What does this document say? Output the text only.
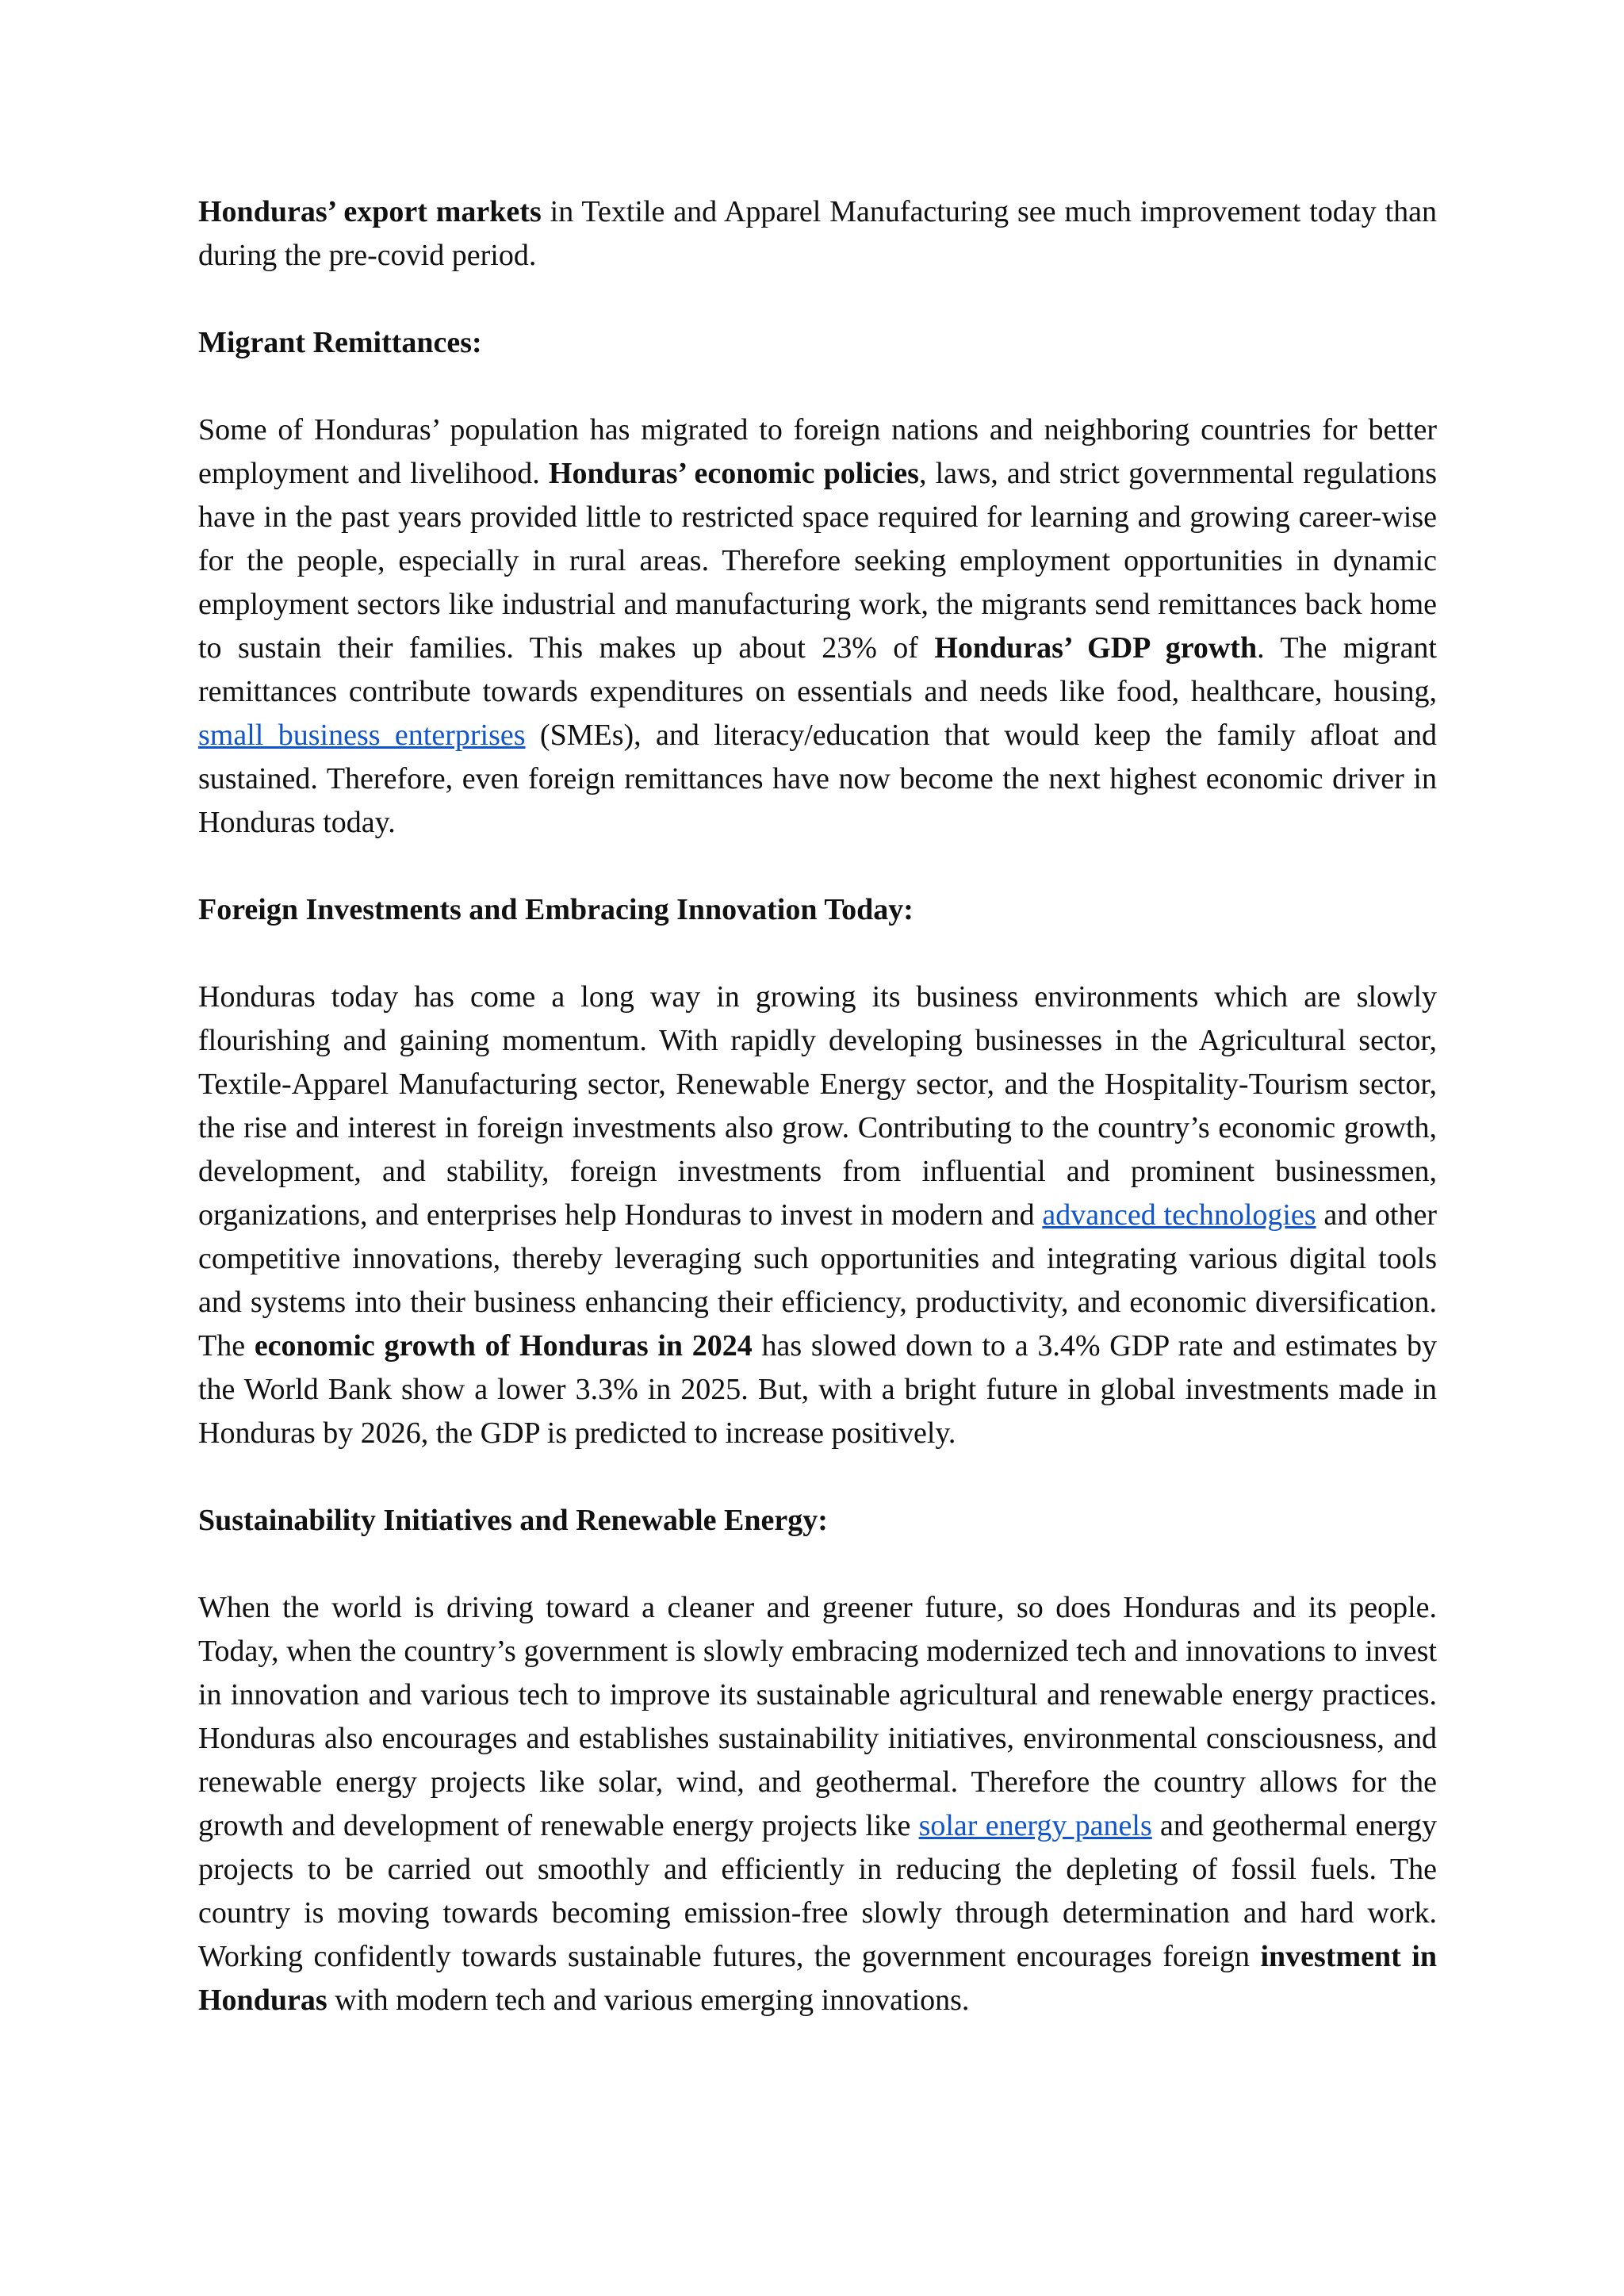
Honduras’ export markets in Textile and Apparel Manufacturing see much improvement today than during the pre-covid period.

Migrant Remittances:

Some of Honduras’ population has migrated to foreign nations and neighboring countries for better employment and livelihood. Honduras’ economic policies, laws, and strict governmental regulations have in the past years provided little to restricted space required for learning and growing career-wise for the people, especially in rural areas. Therefore seeking employment opportunities in dynamic employment sectors like industrial and manufacturing work, the migrants send remittances back home to sustain their families. This makes up about 23% of Honduras’ GDP growth. The migrant remittances contribute towards expenditures on essentials and needs like food, healthcare, housing, small business enterprises (SMEs), and literacy/education that would keep the family afloat and sustained. Therefore, even foreign remittances have now become the next highest economic driver in Honduras today.

Foreign Investments and Embracing Innovation Today:

Honduras today has come a long way in growing its business environments which are slowly flourishing and gaining momentum. With rapidly developing businesses in the Agricultural sector, Textile-Apparel Manufacturing sector, Renewable Energy sector, and the Hospitality-Tourism sector, the rise and interest in foreign investments also grow. Contributing to the country’s economic growth, development, and stability, foreign investments from influential and prominent businessmen, organizations, and enterprises help Honduras to invest in modern and advanced technologies and other competitive innovations, thereby leveraging such opportunities and integrating various digital tools and systems into their business enhancing their efficiency, productivity, and economic diversification. The economic growth of Honduras in 2024 has slowed down to a 3.4% GDP rate and estimates by the World Bank show a lower 3.3% in 2025. But, with a bright future in global investments made in Honduras by 2026, the GDP is predicted to increase positively.

Sustainability Initiatives and Renewable Energy:

When the world is driving toward a cleaner and greener future, so does Honduras and its people. Today, when the country’s government is slowly embracing modernized tech and innovations to invest in innovation and various tech to improve its sustainable agricultural and renewable energy practices. Honduras also encourages and establishes sustainability initiatives, environmental consciousness, and renewable energy projects like solar, wind, and geothermal. Therefore the country allows for the growth and development of renewable energy projects like solar energy panels and geothermal energy projects to be carried out smoothly and efficiently in reducing the depleting of fossil fuels. The country is moving towards becoming emission-free slowly through determination and hard work. Working confidently towards sustainable futures, the government encourages foreign investment in Honduras with modern tech and various emerging innovations.
